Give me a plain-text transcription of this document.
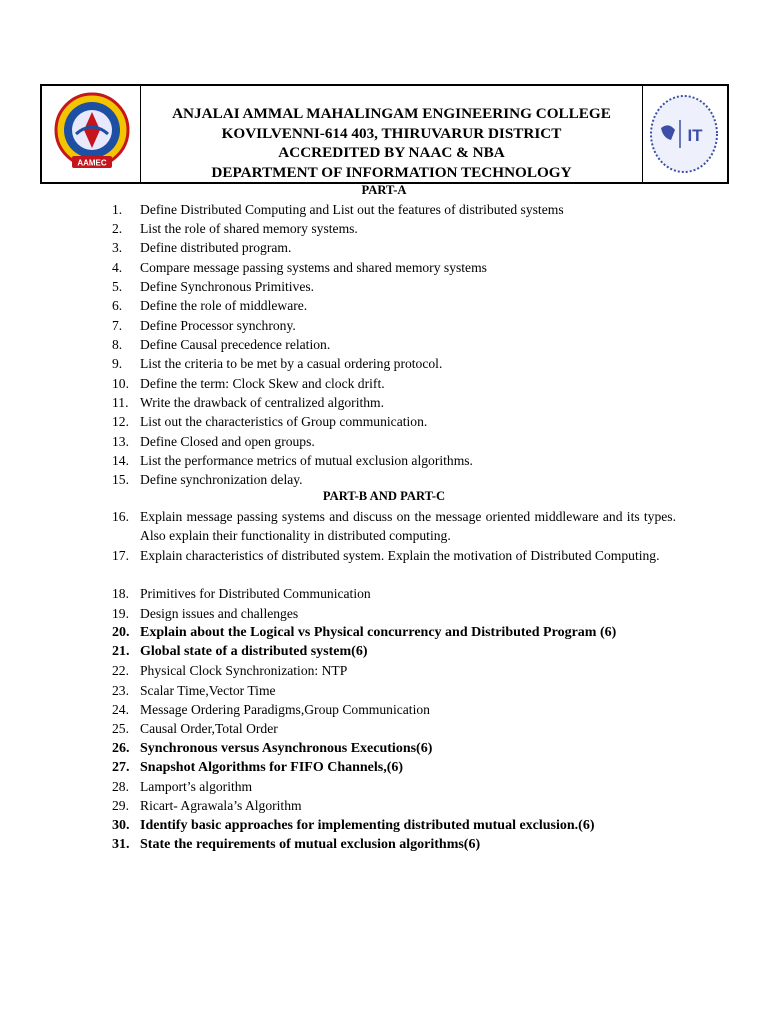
AAMEC
ANJALAI AMMAL MAHALINGAM ENGINEERING COLLEGE
KOVILVENNI-614 403, THIRUVARUR DISTRICT
ACCREDITED BY NAAC & NBA
DEPARTMENT OF INFORMATION TECHNOLOGY
IT
PART-A
1. Define Distributed Computing and List out the features of distributed systems
2. List the role of shared memory systems.
3. Define distributed program.
4. Compare message passing systems and shared memory systems
5. Define Synchronous Primitives.
6. Define the role of middleware.
7. Define Processor synchrony.
8. Define Causal precedence relation.
9. List the criteria to be met by a casual ordering protocol.
10. Define the term: Clock Skew and clock drift.
11. Write the drawback of centralized algorithm.
12. List out the characteristics of Group communication.
13. Define Closed and open groups.
14. List the performance metrics of mutual exclusion algorithms.
15. Define synchronization delay.
PART-B AND PART-C
16. Explain message passing systems and discuss on the message oriented middleware and its types. Also explain their functionality in distributed computing.
17. Explain characteristics of distributed system. Explain the motivation of Distributed Computing.
18. Primitives for Distributed Communication
19. Design issues and challenges
20. Explain about the Logical vs Physical concurrency and Distributed Program (6)
21. Global state of a distributed system(6)
22. Physical Clock Synchronization: NTP
23. Scalar Time,Vector Time
24. Message Ordering Paradigms,Group Communication
25. Causal Order,Total Order
26. Synchronous versus Asynchronous Executions(6)
27. Snapshot Algorithms for FIFO Channels,(6)
28. Lamport’s algorithm
29. Ricart- Agrawala’s Algorithm
30. Identify basic approaches for implementing distributed mutual exclusion.(6)
31. State the requirements of mutual exclusion algorithms(6)
